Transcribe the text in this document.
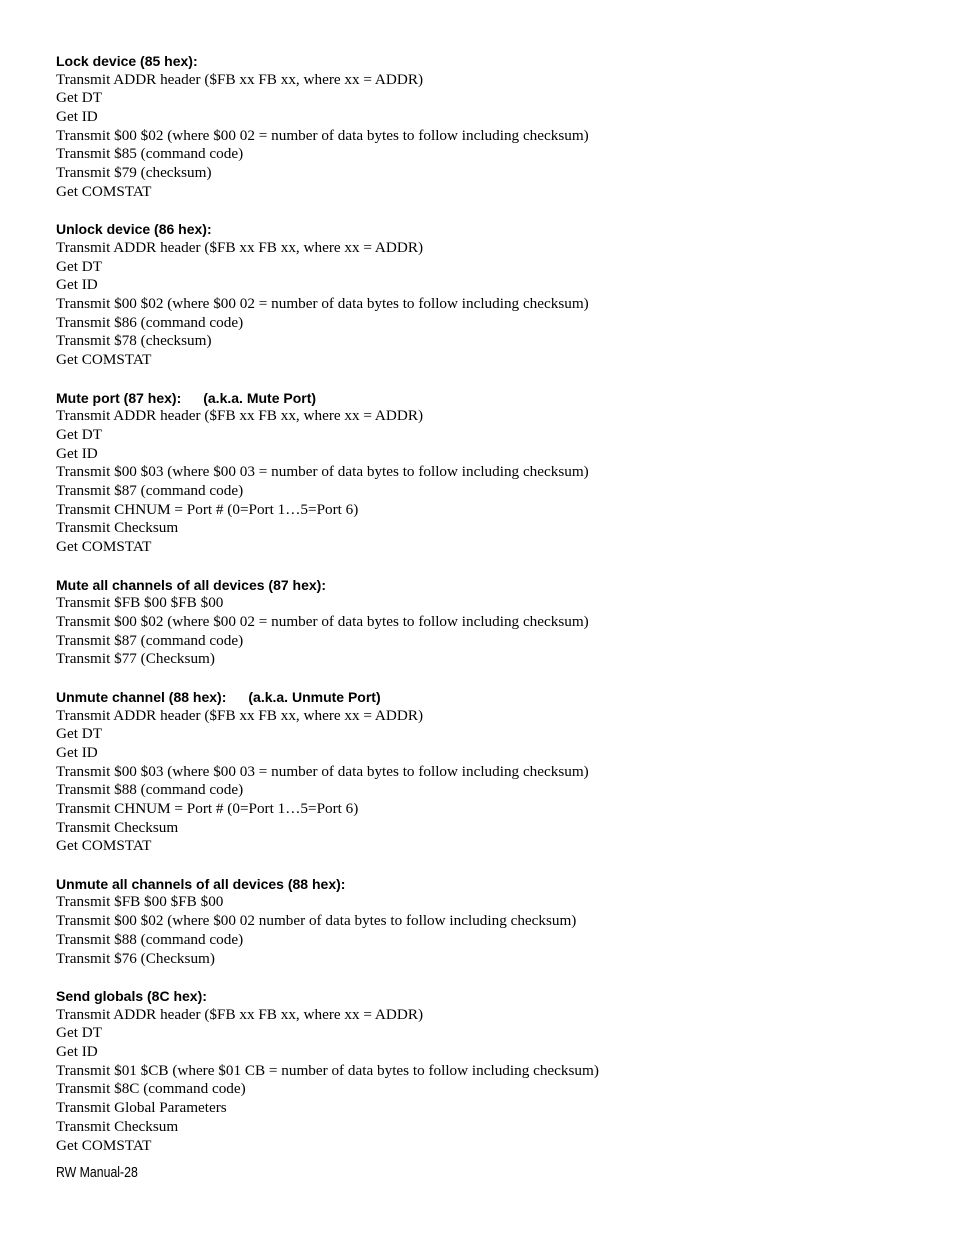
Lock device (85 hex):
Transmit ADDR header ($FB xx FB xx, where xx = ADDR)
Get DT
Get ID
Transmit $00 $02 (where $00 02 = number of data bytes to follow including checksum)
Transmit $85 (command code)
Transmit $79 (checksum)
Get COMSTAT
Unlock device (86 hex):
Transmit ADDR header ($FB xx FB xx, where xx = ADDR)
Get DT
Get ID
Transmit $00 $02 (where $00 02 = number of data bytes to follow including checksum)
Transmit $86 (command code)
Transmit $78 (checksum)
Get COMSTAT
Mute port (87 hex): (a.k.a. Mute Port)
Transmit ADDR header ($FB xx FB xx, where xx = ADDR)
Get DT
Get ID
Transmit $00 $03 (where $00 03 = number of data bytes to follow including checksum)
Transmit $87 (command code)
Transmit CHNUM = Port # (0=Port 1…5=Port 6)
Transmit Checksum
Get COMSTAT
Mute all channels of all devices (87 hex):
Transmit $FB $00 $FB $00
Transmit $00 $02 (where $00 02 = number of data bytes to follow including checksum)
Transmit $87 (command code)
Transmit $77 (Checksum)
Unmute channel (88 hex): (a.k.a. Unmute Port)
Transmit ADDR header ($FB xx FB xx, where xx = ADDR)
Get DT
Get ID
Transmit $00 $03 (where $00 03 = number of data bytes to follow including checksum)
Transmit $88 (command code)
Transmit CHNUM = Port # (0=Port 1…5=Port 6)
Transmit Checksum
Get COMSTAT
Unmute all channels of all devices (88 hex):
Transmit $FB $00 $FB $00
Transmit $00 $02 (where $00 02 number of data bytes to follow including checksum)
Transmit $88 (command code)
Transmit $76 (Checksum)
Send globals (8C hex):
Transmit ADDR header ($FB xx FB xx, where xx = ADDR)
Get DT
Get ID
Transmit $01 $CB (where $01 CB = number of data bytes to follow including checksum)
Transmit $8C (command code)
Transmit Global Parameters
Transmit Checksum
Get COMSTAT
RW Manual-28
